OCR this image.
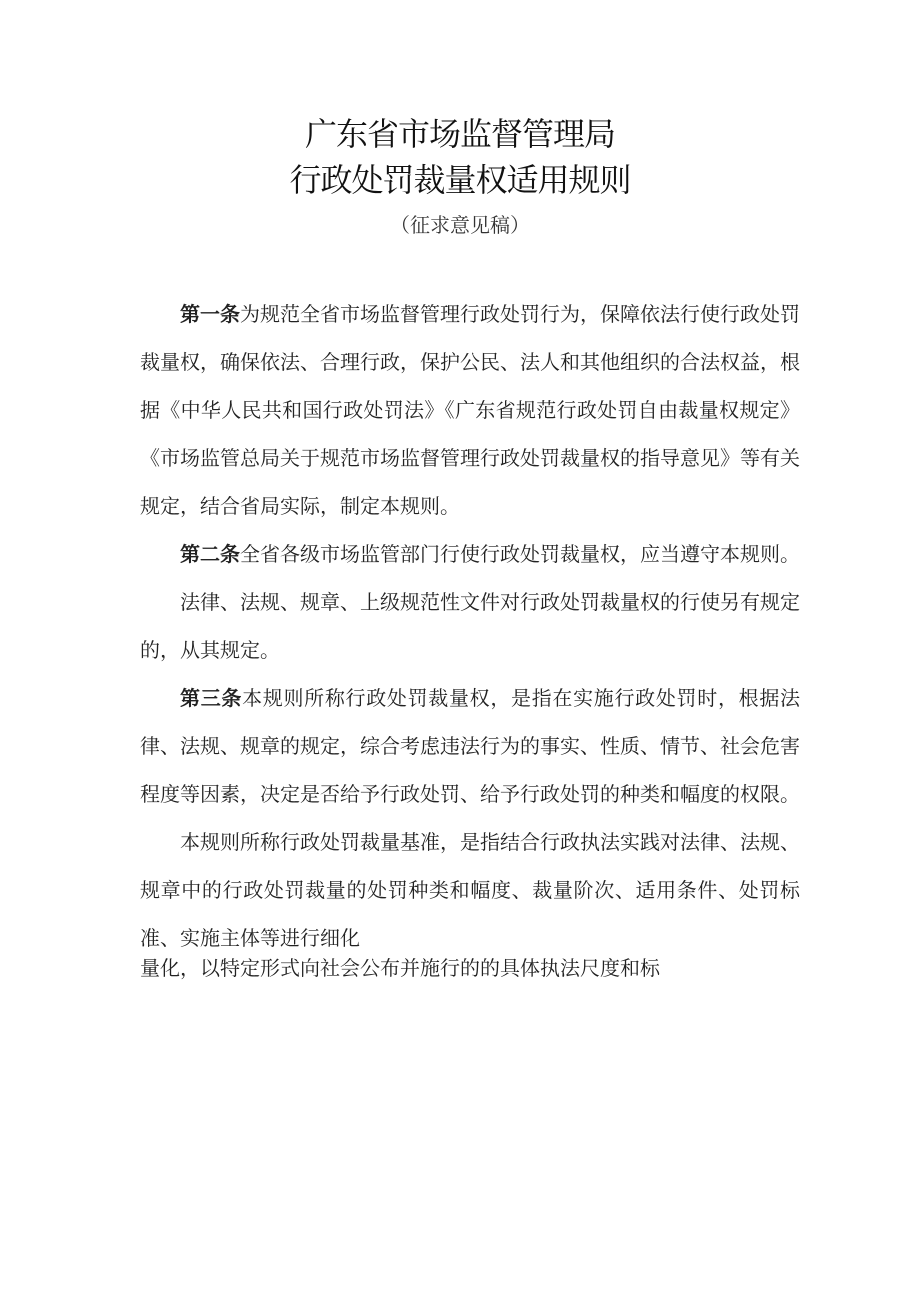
广东省市场监督管理局
行政处罚裁量权适用规则
（征求意见稿）

第一条为规范全省市场监督管理行政处罚行为，保障依法行使行政处罚裁量权，确保依法、合理行政，保护公民、法人和其他组织的合法权益，根据《中华人民共和国行政处罚法》《广东省规范行政处罚自由裁量权规定》《市场监管总局关于规范市场监督管理行政处罚裁量权的指导意见》等有关规定，结合省局实际，制定本规则。

第二条全省各级市场监管部门行使行政处罚裁量权，应当遵守本规则。

法律、法规、规章、上级规范性文件对行政处罚裁量权的行使另有规定的，从其规定。

第三条本规则所称行政处罚裁量权，是指在实施行政处罚时，根据法律、法规、规章的规定，综合考虑违法行为的事实、性质、情节、社会危害程度等因素，决定是否给予行政处罚、给予行政处罚的种类和幅度的权限。

本规则所称行政处罚裁量基准，是指结合行政执法实践对法律、法规、规章中的行政处罚裁量的处罚种类和幅度、裁量阶次、适用条件、处罚标准、实施主体等进行细化

量化，以特定形式向社会公布并施行的的具体执法尺度和标
